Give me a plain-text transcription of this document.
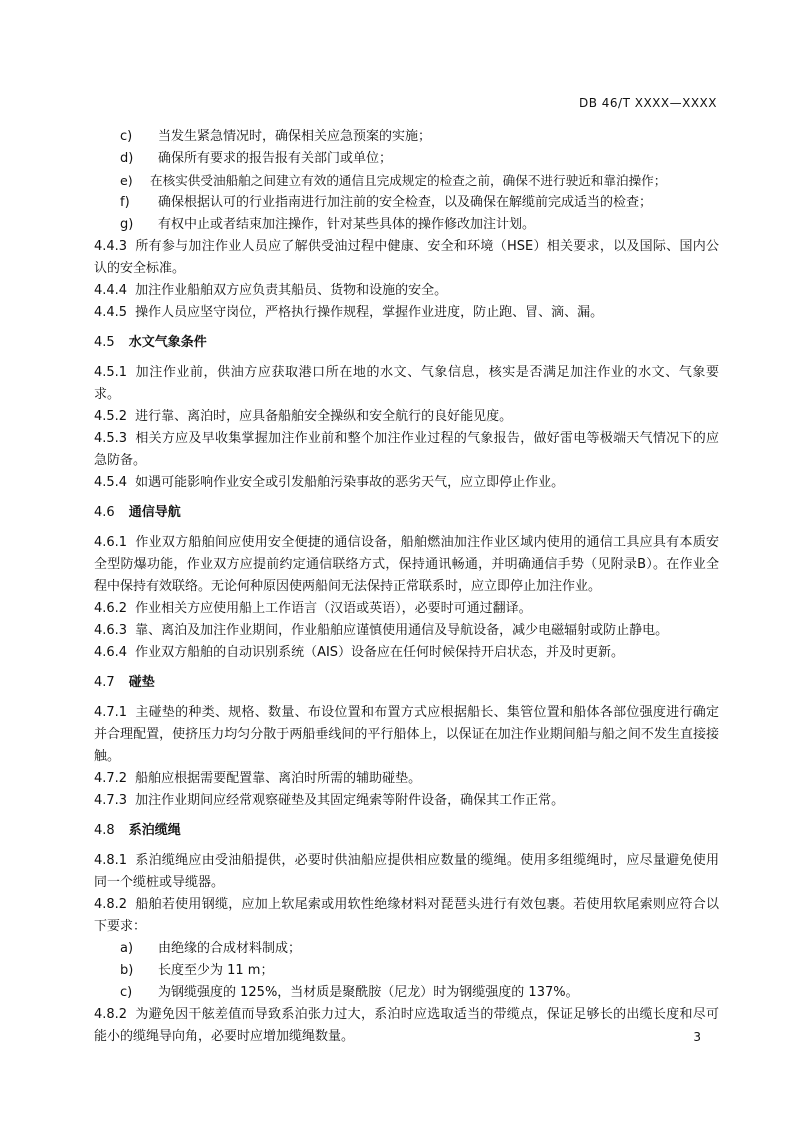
DB 46/T XXXX—XXXX
c) 当发生紧急情况时，确保相关应急预案的实施；
d) 确保所有要求的报告报有关部门或单位；
e) 在核实供受油船舶之间建立有效的通信且完成规定的检查之前，确保不进行驶近和靠泊操作；
f) 确保根据认可的行业指南进行加注前的安全检查，以及确保在解缆前完成适当的检查；
g) 有权中止或者结束加注操作，针对某些具体的操作修改加注计划。
4.4.3 所有参与加注作业人员应了解供受油过程中健康、安全和环境（HSE）相关要求，以及国际、国内公认的安全标准。
4.4.4 加注作业船舶双方应负责其船员、货物和设施的安全。
4.4.5 操作人员应坚守岗位，严格执行操作规程，掌握作业进度，防止跑、冒、滴、漏。
4.5 水文气象条件
4.5.1 加注作业前，供油方应获取港口所在地的水文、气象信息，核实是否满足加注作业的水文、气象要求。
4.5.2 进行靠、离泊时，应具备船舶安全操纵和安全航行的良好能见度。
4.5.3 相关方应及早收集掌握加注作业前和整个加注作业过程的气象报告，做好雷电等极端天气情况下的应急防备。
4.5.4 如遇可能影响作业安全或引发船舶污染事故的恶劣天气，应立即停止作业。
4.6 通信导航
4.6.1 作业双方船舶间应使用安全便捷的通信设备，船舶燃油加注作业区域内使用的通信工具应具有本质安全型防爆功能，作业双方应提前约定通信联络方式，保持通讯畅通，并明确通信手势（见附录B）。在作业全程中保持有效联络。无论何种原因使两船间无法保持正常联系时，应立即停止加注作业。
4.6.2 作业相关方应使用船上工作语言（汉语或英语），必要时可通过翻译。
4.6.3 靠、离泊及加注作业期间，作业船舶应谨慎使用通信及导航设备，减少电磁辐射或防止静电。
4.6.4 作业双方船舶的自动识别系统（AIS）设备应在任何时候保持开启状态，并及时更新。
4.7 碰垫
4.7.1 主碰垫的种类、规格、数量、布设位置和布置方式应根据船长、集管位置和船体各部位强度进行确定并合理配置，使挤压力均匀分散于两船垂线间的平行船体上，以保证在加注作业期间船与船之间不发生直接接触。
4.7.2 船舶应根据需要配置靠、离泊时所需的辅助碰垫。
4.7.3 加注作业期间应经常观察碰垫及其固定绳索等附件设备，确保其工作正常。
4.8 系泊缆绳
4.8.1 系泊缆绳应由受油船提供，必要时供油船应提供相应数量的缆绳。使用多组缆绳时，应尽量避免使用同一个缆桩或导缆器。
4.8.2 船舶若使用钢缆，应加上软尾索或用软性绝缘材料对琵琶头进行有效包裹。若使用软尾索则应符合以下要求：
a) 由绝缘的合成材料制成；
b) 长度至少为 11 m；
c) 为钢缆强度的 125%，当材质是聚酰胺（尼龙）时为钢缆强度的 137%。
4.8.2 为避免因干舷差值而导致系泊张力过大，系泊时应选取适当的带缆点，保证足够长的出缆长度和尽可能小的缆绳导向角，必要时应增加缆绳数量。	3
